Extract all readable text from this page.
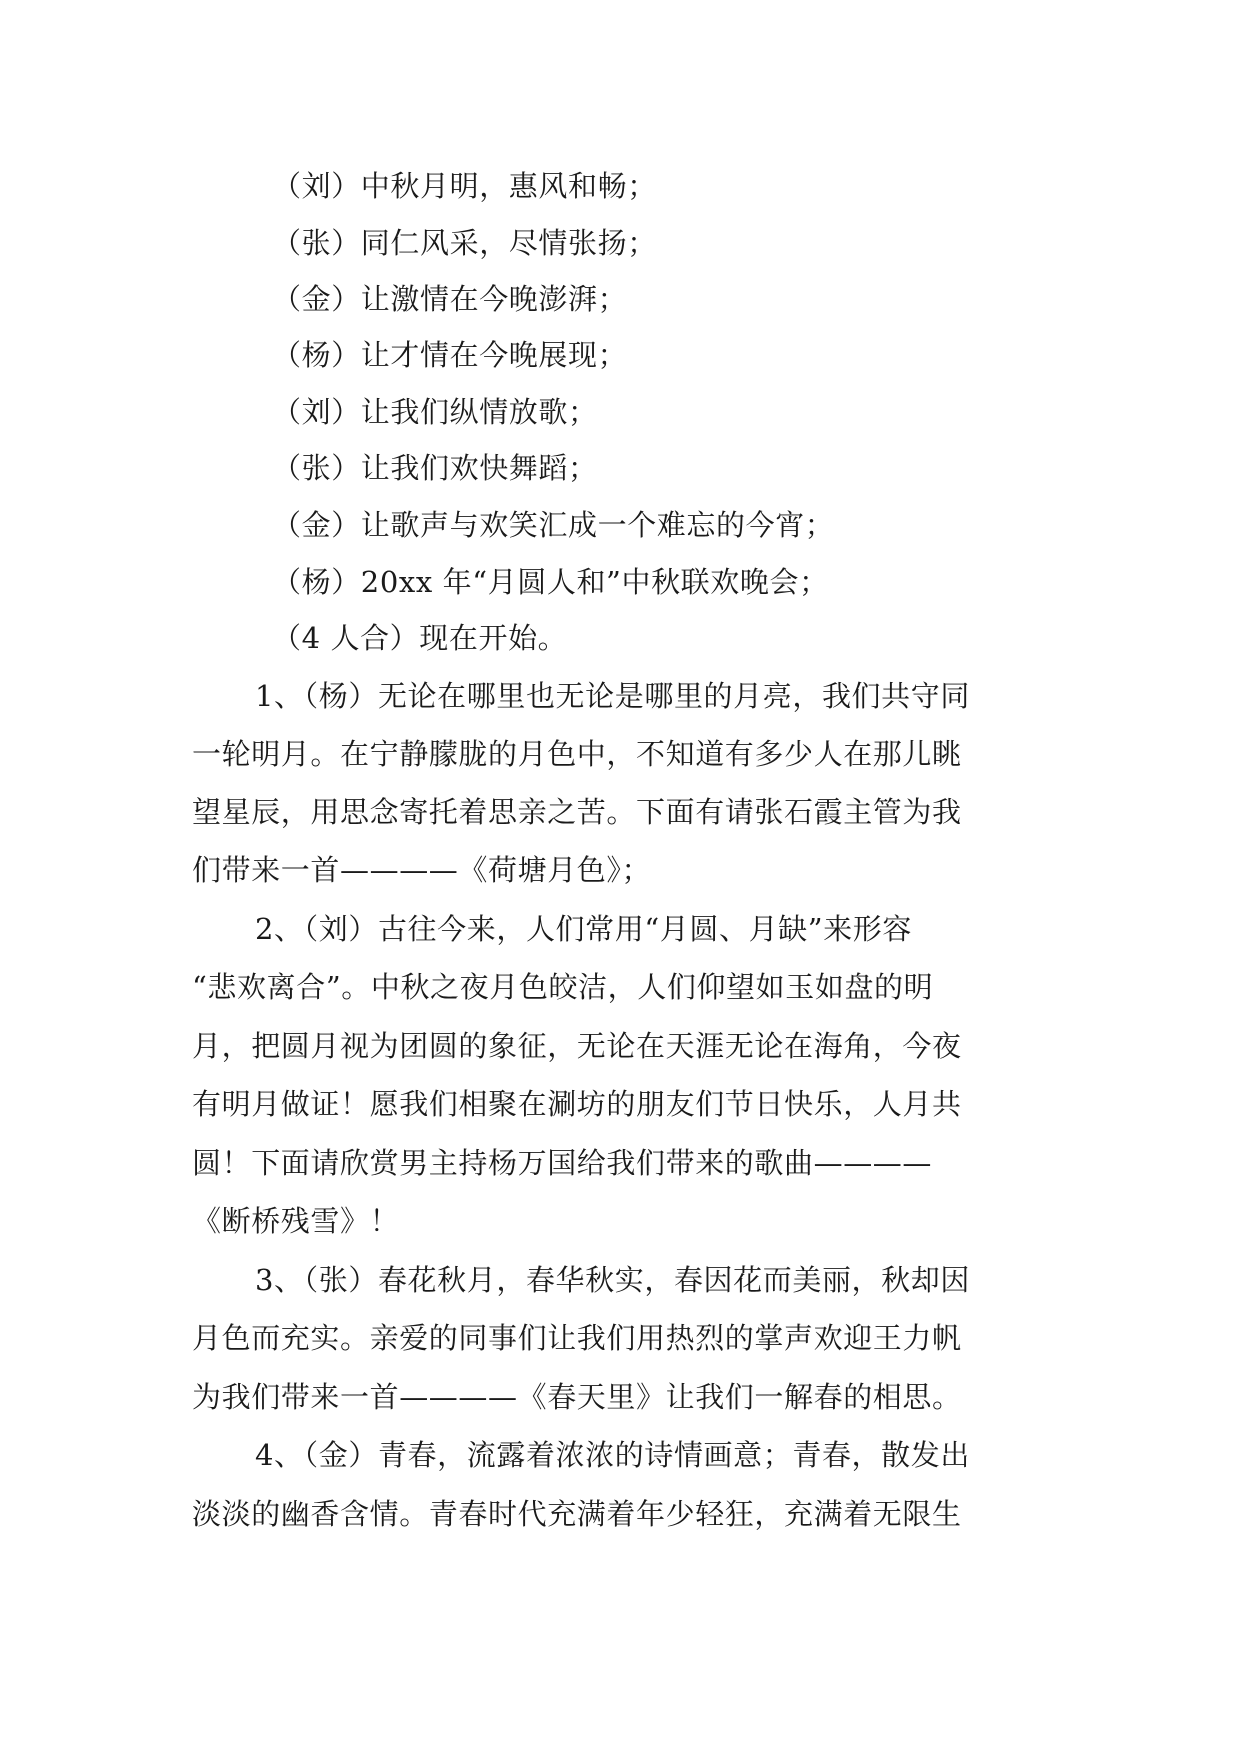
（刘）中秋月明，惠风和畅；
（张）同仁风采，尽情张扬；
（金）让激情在今晚澎湃；
（杨）让才情在今晚展现；
（刘）让我们纵情放歌；
（张）让我们欢快舞蹈；
（金）让歌声与欢笑汇成一个难忘的今宵；
（杨）20xx 年“月圆人和”中秋联欢晚会；
（4 人合）现在开始。
1、（杨）无论在哪里也无论是哪里的月亮，我们共守同
一轮明月。在宁静朦胧的月色中，不知道有多少人在那儿眺
望星辰，用思念寄托着思亲之苦。下面有请张石霞主管为我
们带来一首————《荷塘月色》；
2、（刘）古往今来，人们常用“月圆、月缺”来形容
“悲欢离合”。中秋之夜月色皎洁，人们仰望如玉如盘的明
月，把圆月视为团圆的象征，无论在天涯无论在海角，今夜
有明月做证！愿我们相聚在涮坊的朋友们节日快乐，人月共
圆！下面请欣赏男主持杨万国给我们带来的歌曲————
《断桥残雪》！
3、（张）春花秋月，春华秋实，春因花而美丽，秋却因
月色而充实。亲爱的同事们让我们用热烈的掌声欢迎王力帆
为我们带来一首————《春天里》让我们一解春的相思。
4、（金）青春，流露着浓浓的诗情画意；青春，散发出
淡淡的幽香含情。青春时代充满着年少轻狂，充满着无限生
